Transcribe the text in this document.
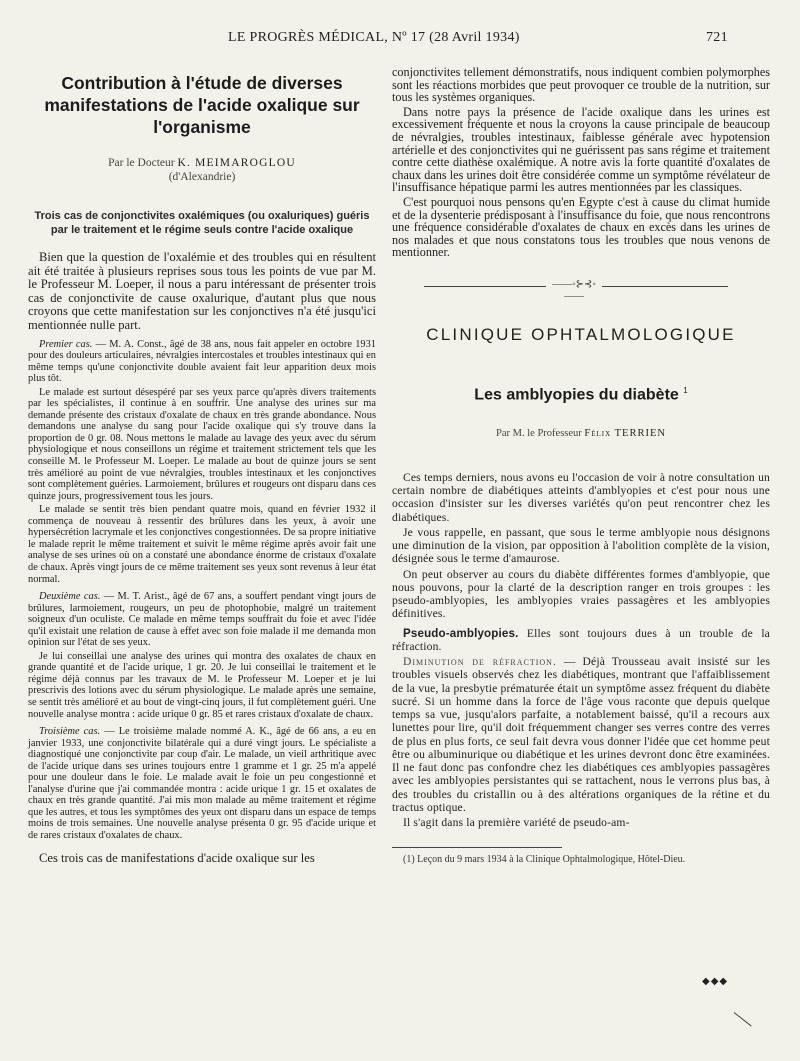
LE PROGRÈS MÉDICAL, Nº 17 (28 Avril 1934)	721
Contribution à l'étude de diverses manifestations de l'acide oxalique sur l'organisme
Par le Docteur K. MEIMAROGLOU
(d'Alexandrie)
Trois cas de conjonctivites oxalémiques (ou oxaluriques) guéris par le traitement et le régime seuls contre l'acide oxalique

Bien que la question de l'oxalémie et des troubles qui en résultent ait été traitée à plusieurs reprises sous tous les points de vue par M. le Professeur M. Loeper, il nous a paru intéressant de présenter trois cas de conjonctivite de cause oxalurique, d'autant plus que nous croyons que cette manifestation sur les conjonctives n'a été jusqu'ici mentionnée nulle part.

Premier cas. — M. A. Const., âgé de 38 ans, nous fait appeler en octobre 1931 pour des douleurs articulaires, névralgies intercostales et troubles intestinaux qui en même temps qu'une conjonctivite double avaient fait leur apparition deux mois plus tôt.

Le malade est surtout désespéré par ses yeux parce qu'après divers traitements par les spécialistes, il continue à en souffrir. Une analyse des urines sur ma demande présente des cristaux d'oxalate de chaux en très grande abondance. Nous demandons une analyse du sang pour l'acide oxalique qui s'y trouve dans la proportion de 0 gr. 08. Nous mettons le malade au lavage des yeux avec du sérum physiologique et nous conseillons un régime et traitement strictement tels que les conseille M. le Professeur M. Loeper. Le malade au bout de quinze jours se sent très amélioré au point de vue névralgies, troubles intestinaux et les conjonctives sont complètement guéries. Larmoiement, brûlures et rougeurs ont disparu dans ces quinze jours, progressivement tous les jours.

Le malade se sentit très bien pendant quatre mois, quand en février 1932 il commença de nouveau à ressentir des brûlures dans les yeux, à avoir une hypersécrétion lacrymale et les conjonctives congestionnées. De sa propre initiative le malade reprit le même traitement et suivit le même régime après avoir fait une analyse de ses urines où on a constaté une abondance énorme de cristaux d'oxalate de chaux. Après vingt jours de ce même traitement ses yeux sont revenus à leur état normal.

Deuxième cas. — M. T. Arist., âgé de 67 ans, a souffert pendant vingt jours de brûlures, larmoiement, rougeurs, un peu de photophobie, malgré un traitement soigneux d'un oculiste. Ce malade en même temps souffrait du foie et avec l'idée qu'il existait une relation de cause à effet avec son foie malade il me demanda mon opinion sur l'état de ses yeux.

Je lui conseillai une analyse des urines qui montra des oxalates de chaux en grande quantité et de l'acide urique, 1 gr. 20. Je lui conseillai le traitement et le régime déjà connus par les travaux de M. le Professeur M. Loeper et je lui prescrivis des lotions avec du sérum physiologique. Le malade après une semaine, se sentit très amélioré et au bout de vingt-cinq jours, il fut complètement guéri. Une nouvelle analyse montra : acide urique 0 gr. 85 et rares cristaux d'oxalate de chaux.

Troisième cas. — Le troisième malade nommé A. K., âgé de 66 ans, a eu en janvier 1933, une conjonctivite bilatérale qui a duré vingt jours. Le spécialiste a diagnostiqué une conjonctivite par coup d'air. Le malade, un vieil arthritique avec de l'acide urique dans ses urines toujours entre 1 gramme et 1 gr. 25 m'a appelé pour une douleur dans le foie. Le malade avait le foie un peu congestionné et l'analyse d'urine que j'ai commandée montra : acide urique 1 gr. 15 et oxalates de chaux en très grande quantité. J'ai mis mon malade au même traitement et régime que les autres, et tous les symptômes des yeux ont disparu dans un espace de temps moins de trois semaines. Une nouvelle analyse présenta 0 gr. 95 d'acide urique et de rares cristaux d'oxalates de chaux.

Ces trois cas de manifestations d'acide oxalique sur les

conjonctivites tellement démonstratifs, nous indiquent combien polymorphes sont les réactions morbides que peut provoquer ce trouble de la nutrition, sur tous les systèmes organiques.

Dans notre pays la présence de l'acide oxalique dans les urines est excessivement fréquente et nous la croyons la cause principale de beaucoup de névralgies, troubles intestinaux, faiblesse générale avec hypotension artérielle et des conjonctivites qui ne guérissent pas sans régime et traitement contre cette diathèse oxalémique. A notre avis la forte quantité d'oxalates de chaux dans les urines doit être considérée comme un symptôme révélateur de l'insuffisance hépatique parmi les autres mentionnées par les classiques.

C'est pourquoi nous pensons qu'en Egypte c'est à cause du climat humide et de la dysenterie prédisposant à l'insuffisance du foie, que nous rencontrons une fréquence considérable d'oxalates de chaux en excès dans les urines de nos malades et que nous constatons tous les troubles que nous venons de mentionner.

——◦⊱⊰◦——
CLINIQUE OPHTALMOLOGIQUE
Les amblyopies du diabète $^1$
Par M. le Professeur Félix TERRIEN

Ces temps derniers, nous avons eu l'occasion de voir à notre consultation un certain nombre de diabétiques atteints d'amblyopies et c'est pour nous une occasion d'insister sur les diverses variétés qu'on peut rencontrer chez les diabétiques.

Je vous rappelle, en passant, que sous le terme amblyopie nous désignons une diminution de la vision, par opposition à l'abolition complète de la vision, désignée sous le terme d'amaurose.

On peut observer au cours du diabète différentes formes d'amblyopie, que nous pouvons, pour la clarté de la description ranger en trois groupes : les pseudo-amblyopies, les amblyopies vraies passagères et les amblyopies définitives.

Pseudo-amblyopies. Elles sont toujours dues à un trouble de la réfraction.

Diminution de réfraction. — Déjà Trousseau avait insisté sur les troubles visuels observés chez les diabétiques, montrant que l'affaiblissement de la vue, la presbytie prématurée était un symptôme assez fréquent du diabète sucré. Si un homme dans la force de l'âge vous raconte que depuis quelque temps sa vue, jusqu'alors parfaite, a notablement baissé, qu'il a recours aux lunettes pour lire, qu'il doit fréquemment changer ses verres contre des verres de plus en plus forts, ce seul fait devra vous donner l'idée que cet homme peut être ou albuminurique ou diabétique et les urines devront donc être examinées. Il ne faut donc pas confondre chez les diabétiques ces amblyopies passagères avec les amblyopies persistantes qui se rattachent, nous le verrons plus bas, à des troubles du cristallin ou à des altérations organiques de la rétine et du tractus optique.

Il s'agit dans la première variété de pseudo-am-

(1) Leçon du 9 mars 1934 à la Clinique Ophtalmologique, Hôtel-Dieu.

◆◆◆
